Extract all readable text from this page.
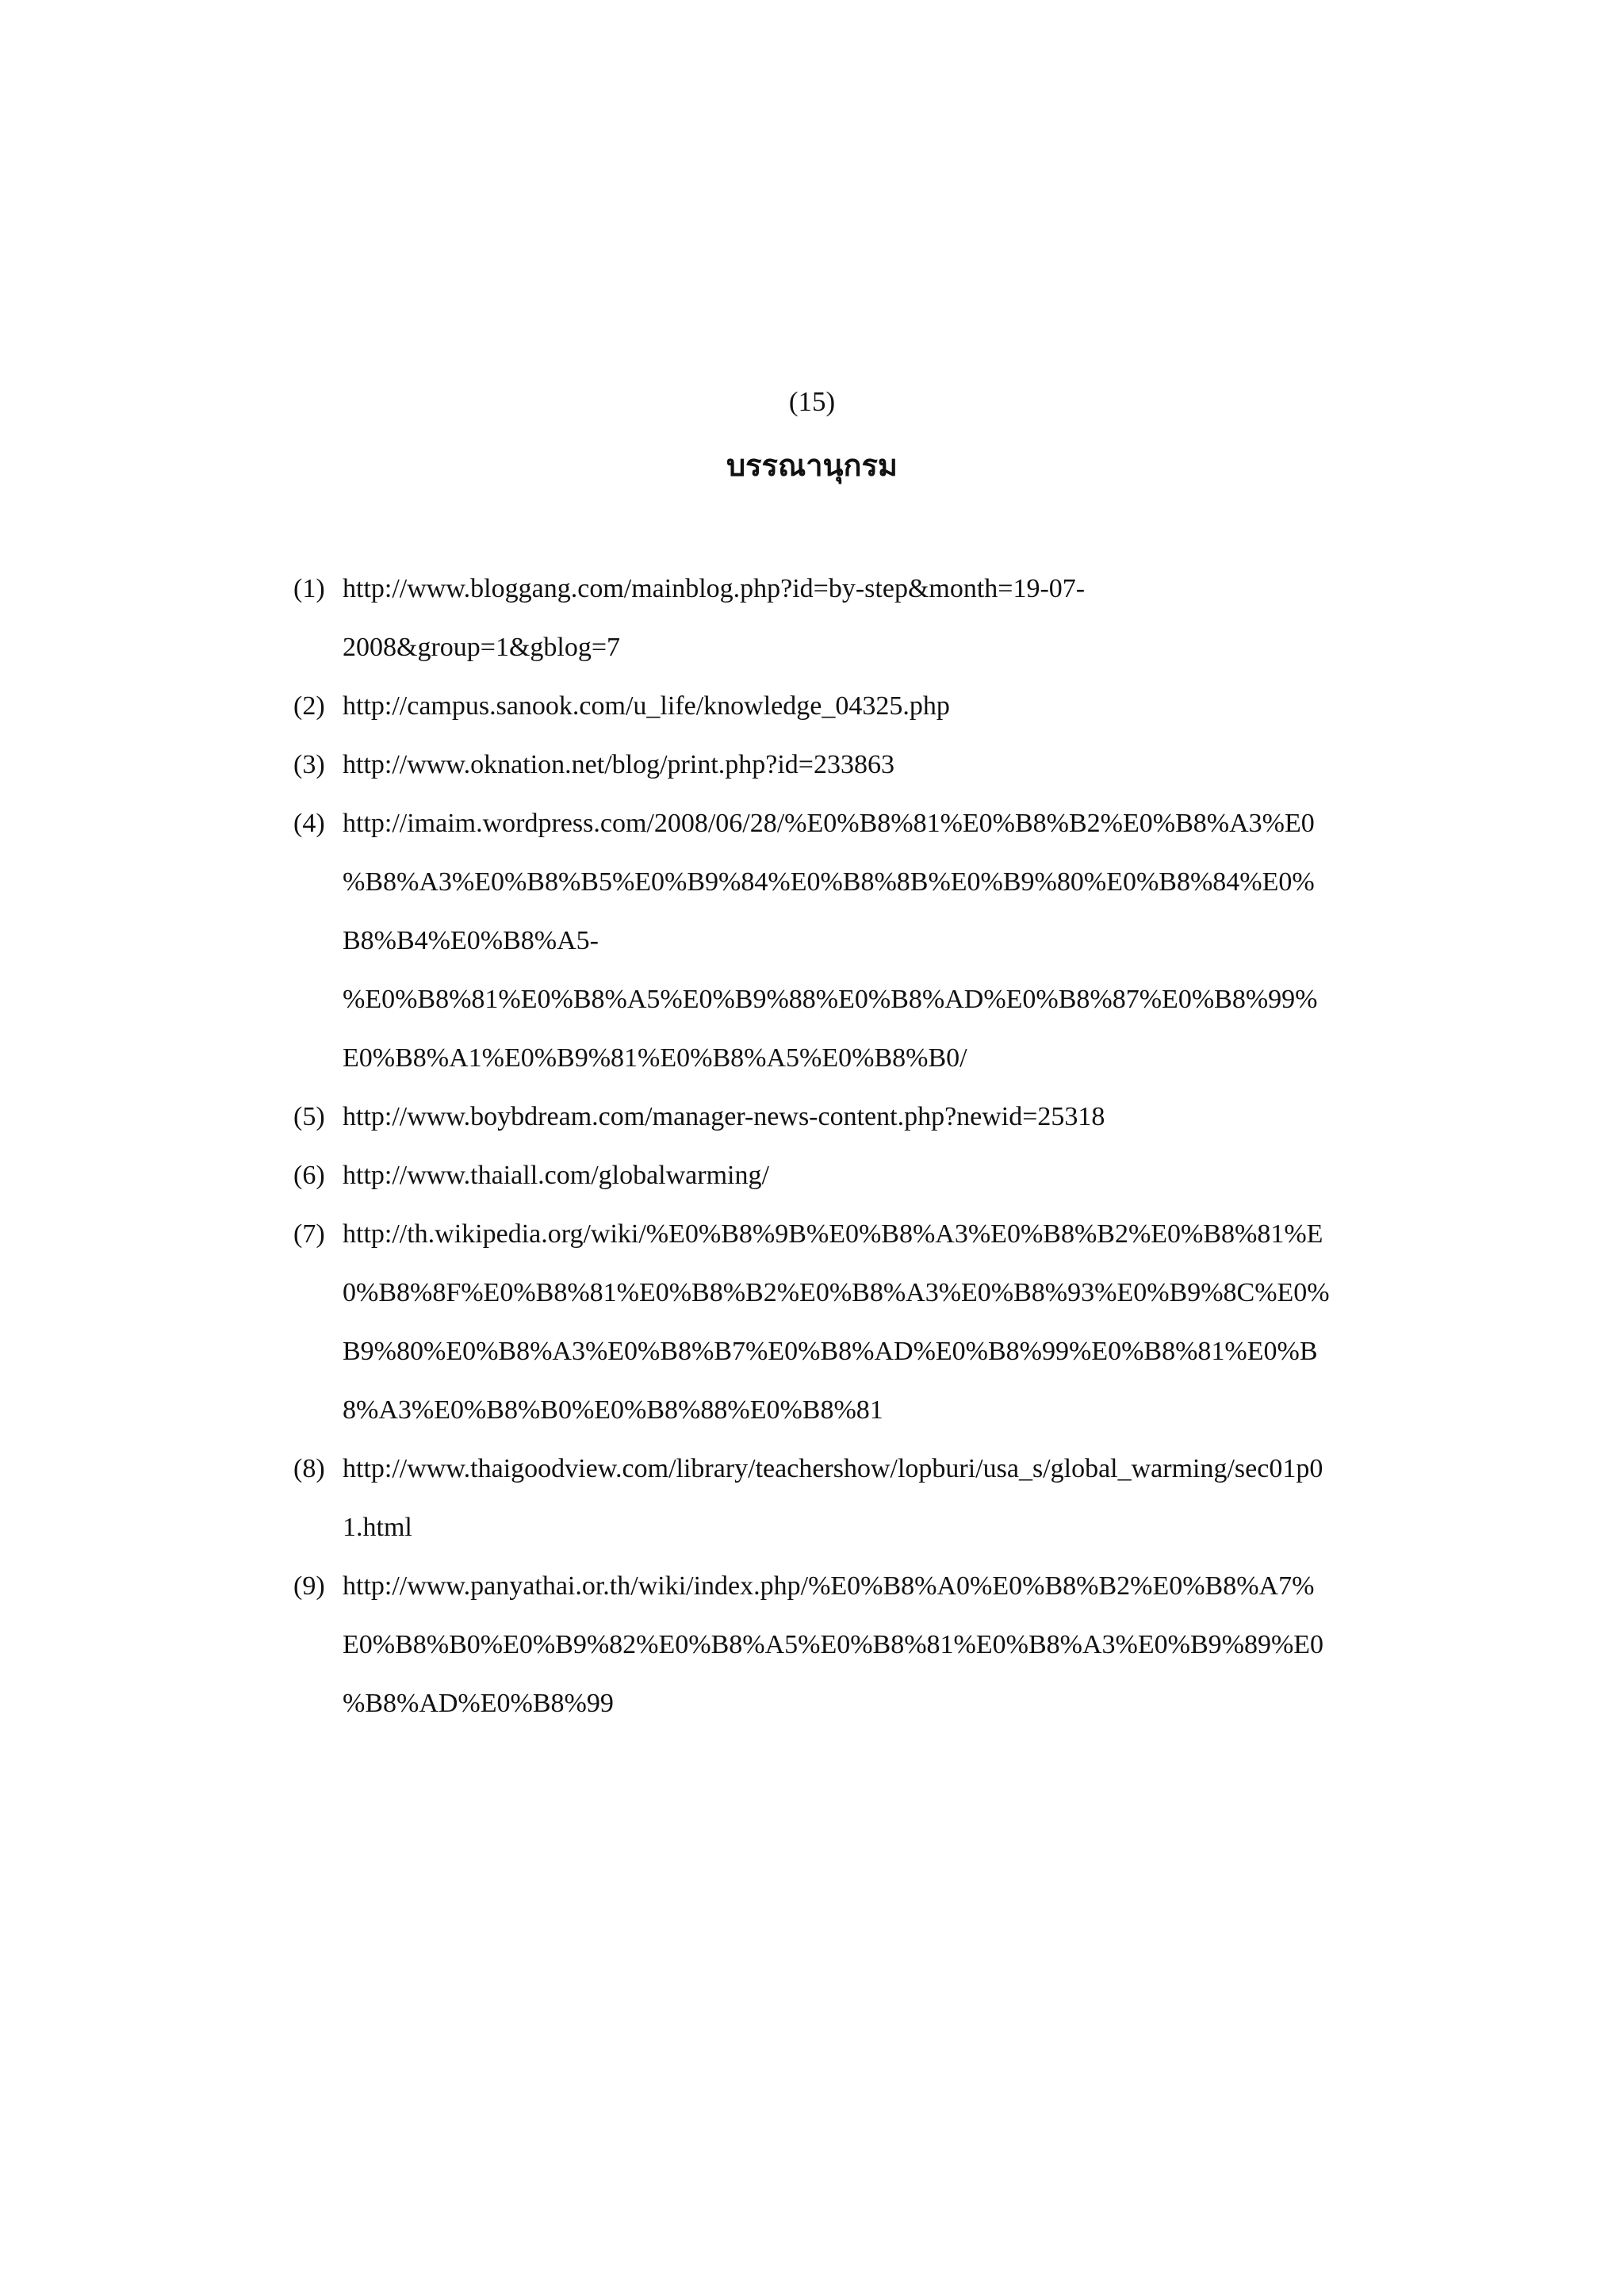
(15)
บรรณานุกรม
(1) http://www.bloggang.com/mainblog.php?id=by-step&month=19-07-
2008&group=1&gblog=7
(2) http://campus.sanook.com/u_life/knowledge_04325.php
(3) http://www.oknation.net/blog/print.php?id=233863
(4) http://imaim.wordpress.com/2008/06/28/%E0%B8%81%E0%B8%B2%E0%B8%A3%E0
%B8%A3%E0%B8%B5%E0%B9%84%E0%B8%8B%E0%B9%80%E0%B8%84%E0%
B8%B4%E0%B8%A5-
%E0%B8%81%E0%B8%A5%E0%B9%88%E0%B8%AD%E0%B8%87%E0%B8%99%
E0%B8%A1%E0%B9%81%E0%B8%A5%E0%B8%B0/
(5) http://www.boybdream.com/manager-news-content.php?newid=25318
(6) http://www.thaiall.com/globalwarming/
(7) http://th.wikipedia.org/wiki/%E0%B8%9B%E0%B8%A3%E0%B8%B2%E0%B8%81%E
0%B8%8F%E0%B8%81%E0%B8%B2%E0%B8%A3%E0%B8%93%E0%B9%8C%E0%
B9%80%E0%B8%A3%E0%B8%B7%E0%B8%AD%E0%B8%99%E0%B8%81%E0%B
8%A3%E0%B8%B0%E0%B8%88%E0%B8%81
(8) http://www.thaigoodview.com/library/teachershow/lopburi/usa_s/global_warming/sec01p0
1.html
(9) http://www.panyathai.or.th/wiki/index.php/%E0%B8%A0%E0%B8%B2%E0%B8%A7%
E0%B8%B0%E0%B9%82%E0%B8%A5%E0%B8%81%E0%B8%A3%E0%B9%89%E0
%B8%AD%E0%B8%99
